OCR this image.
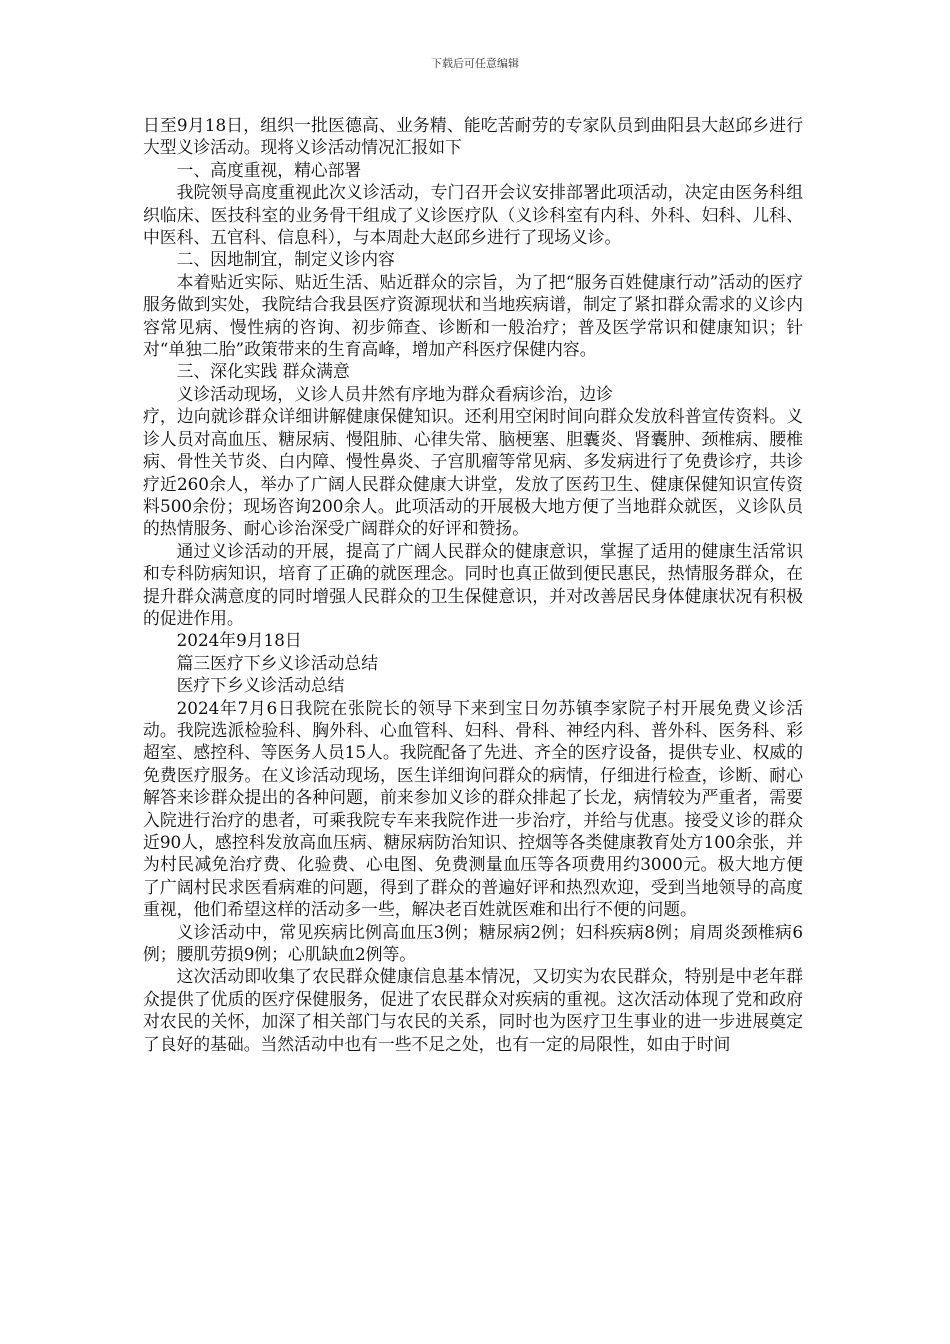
下载后可任意编辑

日至9月18日，组织一批医德高、业务精、能吃苦耐劳的专家队员到曲阳县大赵邱乡进行大型义诊活动。现将义诊活动情况汇报如下

一、高度重视，精心部署

我院领导高度重视此次义诊活动，专门召开会议安排部署此项活动，决定由医务科组织临床、医技科室的业务骨干组成了义诊医疗队（义诊科室有内科、外科、妇科、儿科、中医科、五官科、信息科），与本周赴大赵邱乡进行了现场义诊。

二、因地制宜，制定义诊内容

本着贴近实际、贴近生活、贴近群众的宗旨，为了把“服务百姓健康行动”活动的医疗服务做到实处，我院结合我县医疗资源现状和当地疾病谱，制定了紧扣群众需求的义诊内容常见病、慢性病的咨询、初步筛查、诊断和一般治疗；普及医学常识和健康知识；针对“单独二胎”政策带来的生育高峰，增加产科医疗保健内容。

三、深化实践 群众满意

义诊活动现场，义诊人员井然有序地为群众看病诊治，边诊

疗，边向就诊群众详细讲解健康保健知识。还利用空闲时间向群众发放科普宣传资料。义诊人员对高血压、糖尿病、慢阻肺、心律失常、脑梗塞、胆囊炎、肾囊肿、颈椎病、腰椎病、骨性关节炎、白内障、慢性鼻炎、子宫肌瘤等常见病、多发病进行了免费诊疗，共诊疗近260余人，举办了广阔人民群众健康大讲堂，发放了医药卫生、健康保健知识宣传资料500余份；现场咨询200余人。此项活动的开展极大地方便了当地群众就医，义诊队员的热情服务、耐心诊治深受广阔群众的好评和赞扬。

通过义诊活动的开展，提高了广阔人民群众的健康意识，掌握了适用的健康生活常识和专科防病知识，培育了正确的就医理念。同时也真正做到便民惠民，热情服务群众，在提升群众满意度的同时增强人民群众的卫生保健意识，并对改善居民身体健康状况有积极的促进作用。

2024年9月18日

篇三医疗下乡义诊活动总结

医疗下乡义诊活动总结

2024年7月6日我院在张院长的领导下来到宝日勿苏镇李家院子村开展免费义诊活动。我院选派检验科、胸外科、心血管科、妇科、骨科、神经内科、普外科、医务科、彩超室、感控科、等医务人员15人。我院配备了先进、齐全的医疗设备，提供专业、权威的免费医疗服务。在义诊活动现场，医生详细询问群众的病情，仔细进行检查，诊断、耐心解答来诊群众提出的各种问题，前来参加义诊的群众排起了长龙，病情较为严重者，需要入院进行治疗的患者，可乘我院专车来我院作进一步治疗，并给与优惠。接受义诊的群众近90人，感控科发放高血压病、糖尿病防治知识、控烟等各类健康教育处方100余张，并为村民减免治疗费、化验费、心电图、免费测量血压等各项费用约3000元。极大地方便了广阔村民求医看病难的问题，得到了群众的普遍好评和热烈欢迎，受到当地领导的高度重视，他们希望这样的活动多一些，解决老百姓就医难和出行不便的问题。

义诊活动中，常见疾病比例高血压3例；糖尿病2例；妇科疾病8例；肩周炎颈椎病6例；腰肌劳损9例；心肌缺血2例等。

这次活动即收集了农民群众健康信息基本情况，又切实为农民群众，特别是中老年群众提供了优质的医疗保健服务，促进了农民群众对疾病的重视。这次活动体现了党和政府对农民的关怀，加深了相关部门与农民的关系，同时也为医疗卫生事业的进一步进展奠定了良好的基础。当然活动中也有一些不足之处，也有一定的局限性，如由于时间
